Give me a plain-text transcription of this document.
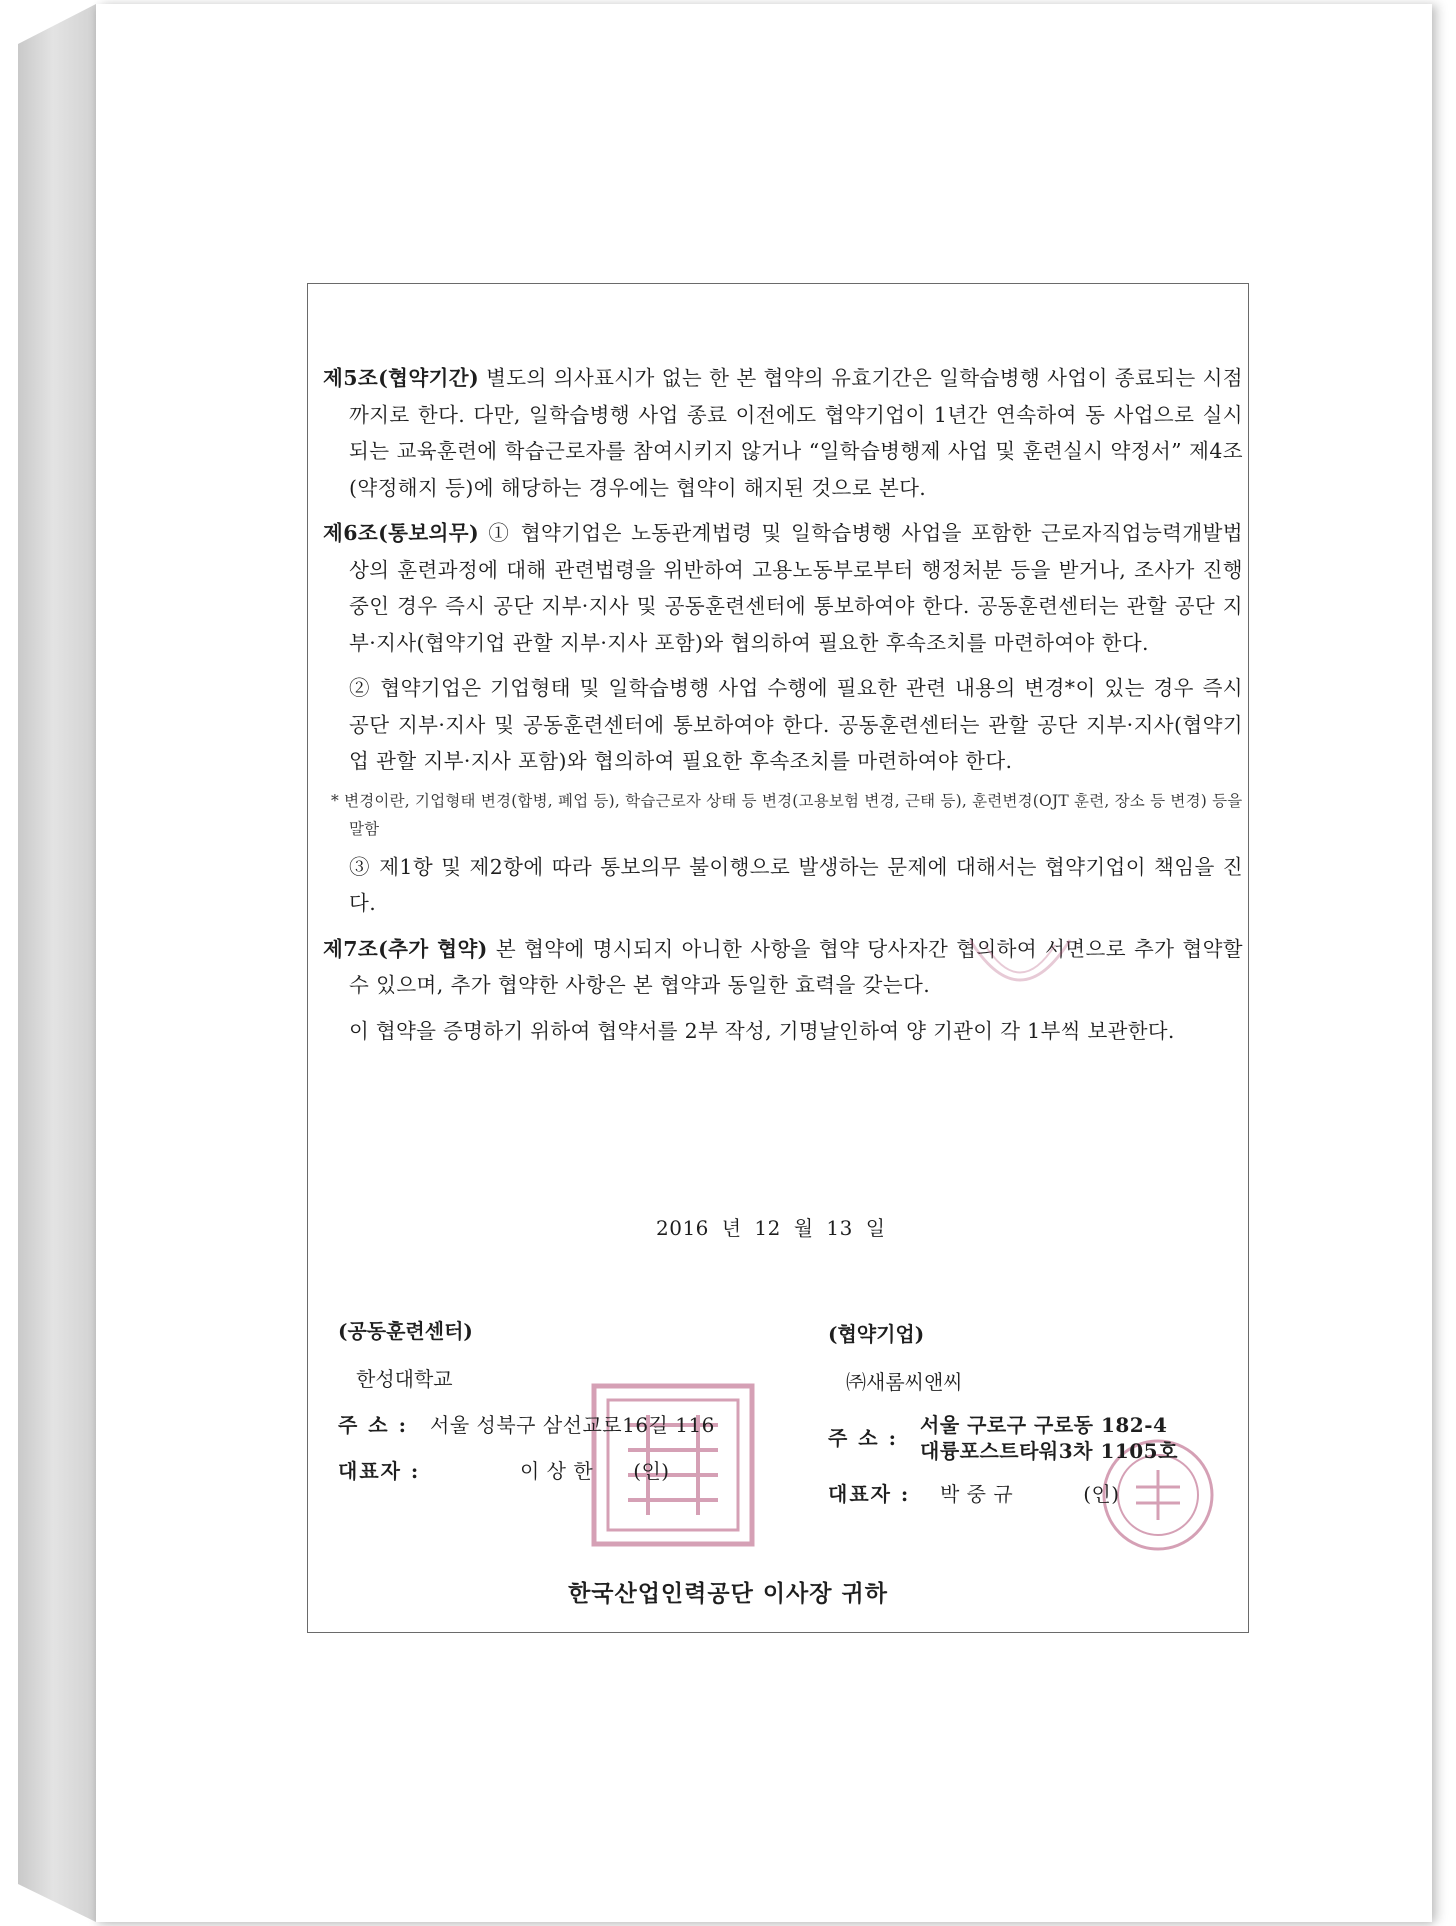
제5조(협약기간) 별도의 의사표시가 없는 한 본 협약의 유효기간은 일학습병행 사업이 종료되는 시점까지로 한다. 다만, 일학습병행 사업 종료 이전에도 협약기업이 1년간 연속하여 동 사업으로 실시되는 교육훈련에 학습근로자를 참여시키지 않거나 “일학습병행제 사업 및 훈련실시 약정서” 제4조(약정해지 등)에 해당하는 경우에는 협약이 해지된 것으로 본다.

제6조(통보의무) ① 협약기업은 노동관계법령 및 일학습병행 사업을 포함한 근로자직업능력개발법 상의 훈련과정에 대해 관련법령을 위반하여 고용노동부로부터 행정처분 등을 받거나, 조사가 진행 중인 경우 즉시 공단 지부·지사 및 공동훈련센터에 통보하여야 한다. 공동훈련센터는 관할 공단 지부·지사(협약기업 관할 지부·지사 포함)와 협의하여 필요한 후속조치를 마련하여야 한다.

② 협약기업은 기업형태 및 일학습병행 사업 수행에 필요한 관련 내용의 변경*이 있는 경우 즉시 공단 지부·지사 및 공동훈련센터에 통보하여야 한다. 공동훈련센터는 관할 공단 지부·지사(협약기업 관할 지부·지사 포함)와 협의하여 필요한 후속조치를 마련하여야 한다.

* 변경이란, 기업형태 변경(합병, 폐업 등), 학습근로자 상태 등 변경(고용보험 변경, 근태 등), 훈련변경(OJT 훈련, 장소 등 변경) 등을 말함

③ 제1항 및 제2항에 따라 통보의무 불이행으로 발생하는 문제에 대해서는 협약기업이 책임을 진다.

제7조(추가 협약) 본 협약에 명시되지 아니한 사항을 협약 당사자간 협의하여 서면으로 추가 협약할 수 있으며, 추가 협약한 사항은 본 협약과 동일한 효력을 갖는다.

이 협약을 증명하기 위하여 협약서를 2부 작성, 기명날인하여 양 기관이 각 1부씩 보관한다.

2016 년 12 월 13 일
(공동훈련센터)
한성대학교
주 소 :	서울 성북구 삼선교로16길 116
대표자 :	이 상 한 (인)
(협약기업)
㈜새롬씨앤씨
주 소 :
서울 구로구 구로동 182-4
대륭포스트타워3차 1105호
대표자 :	박 중 규	(인)
한국산업인력공단 이사장 귀하
